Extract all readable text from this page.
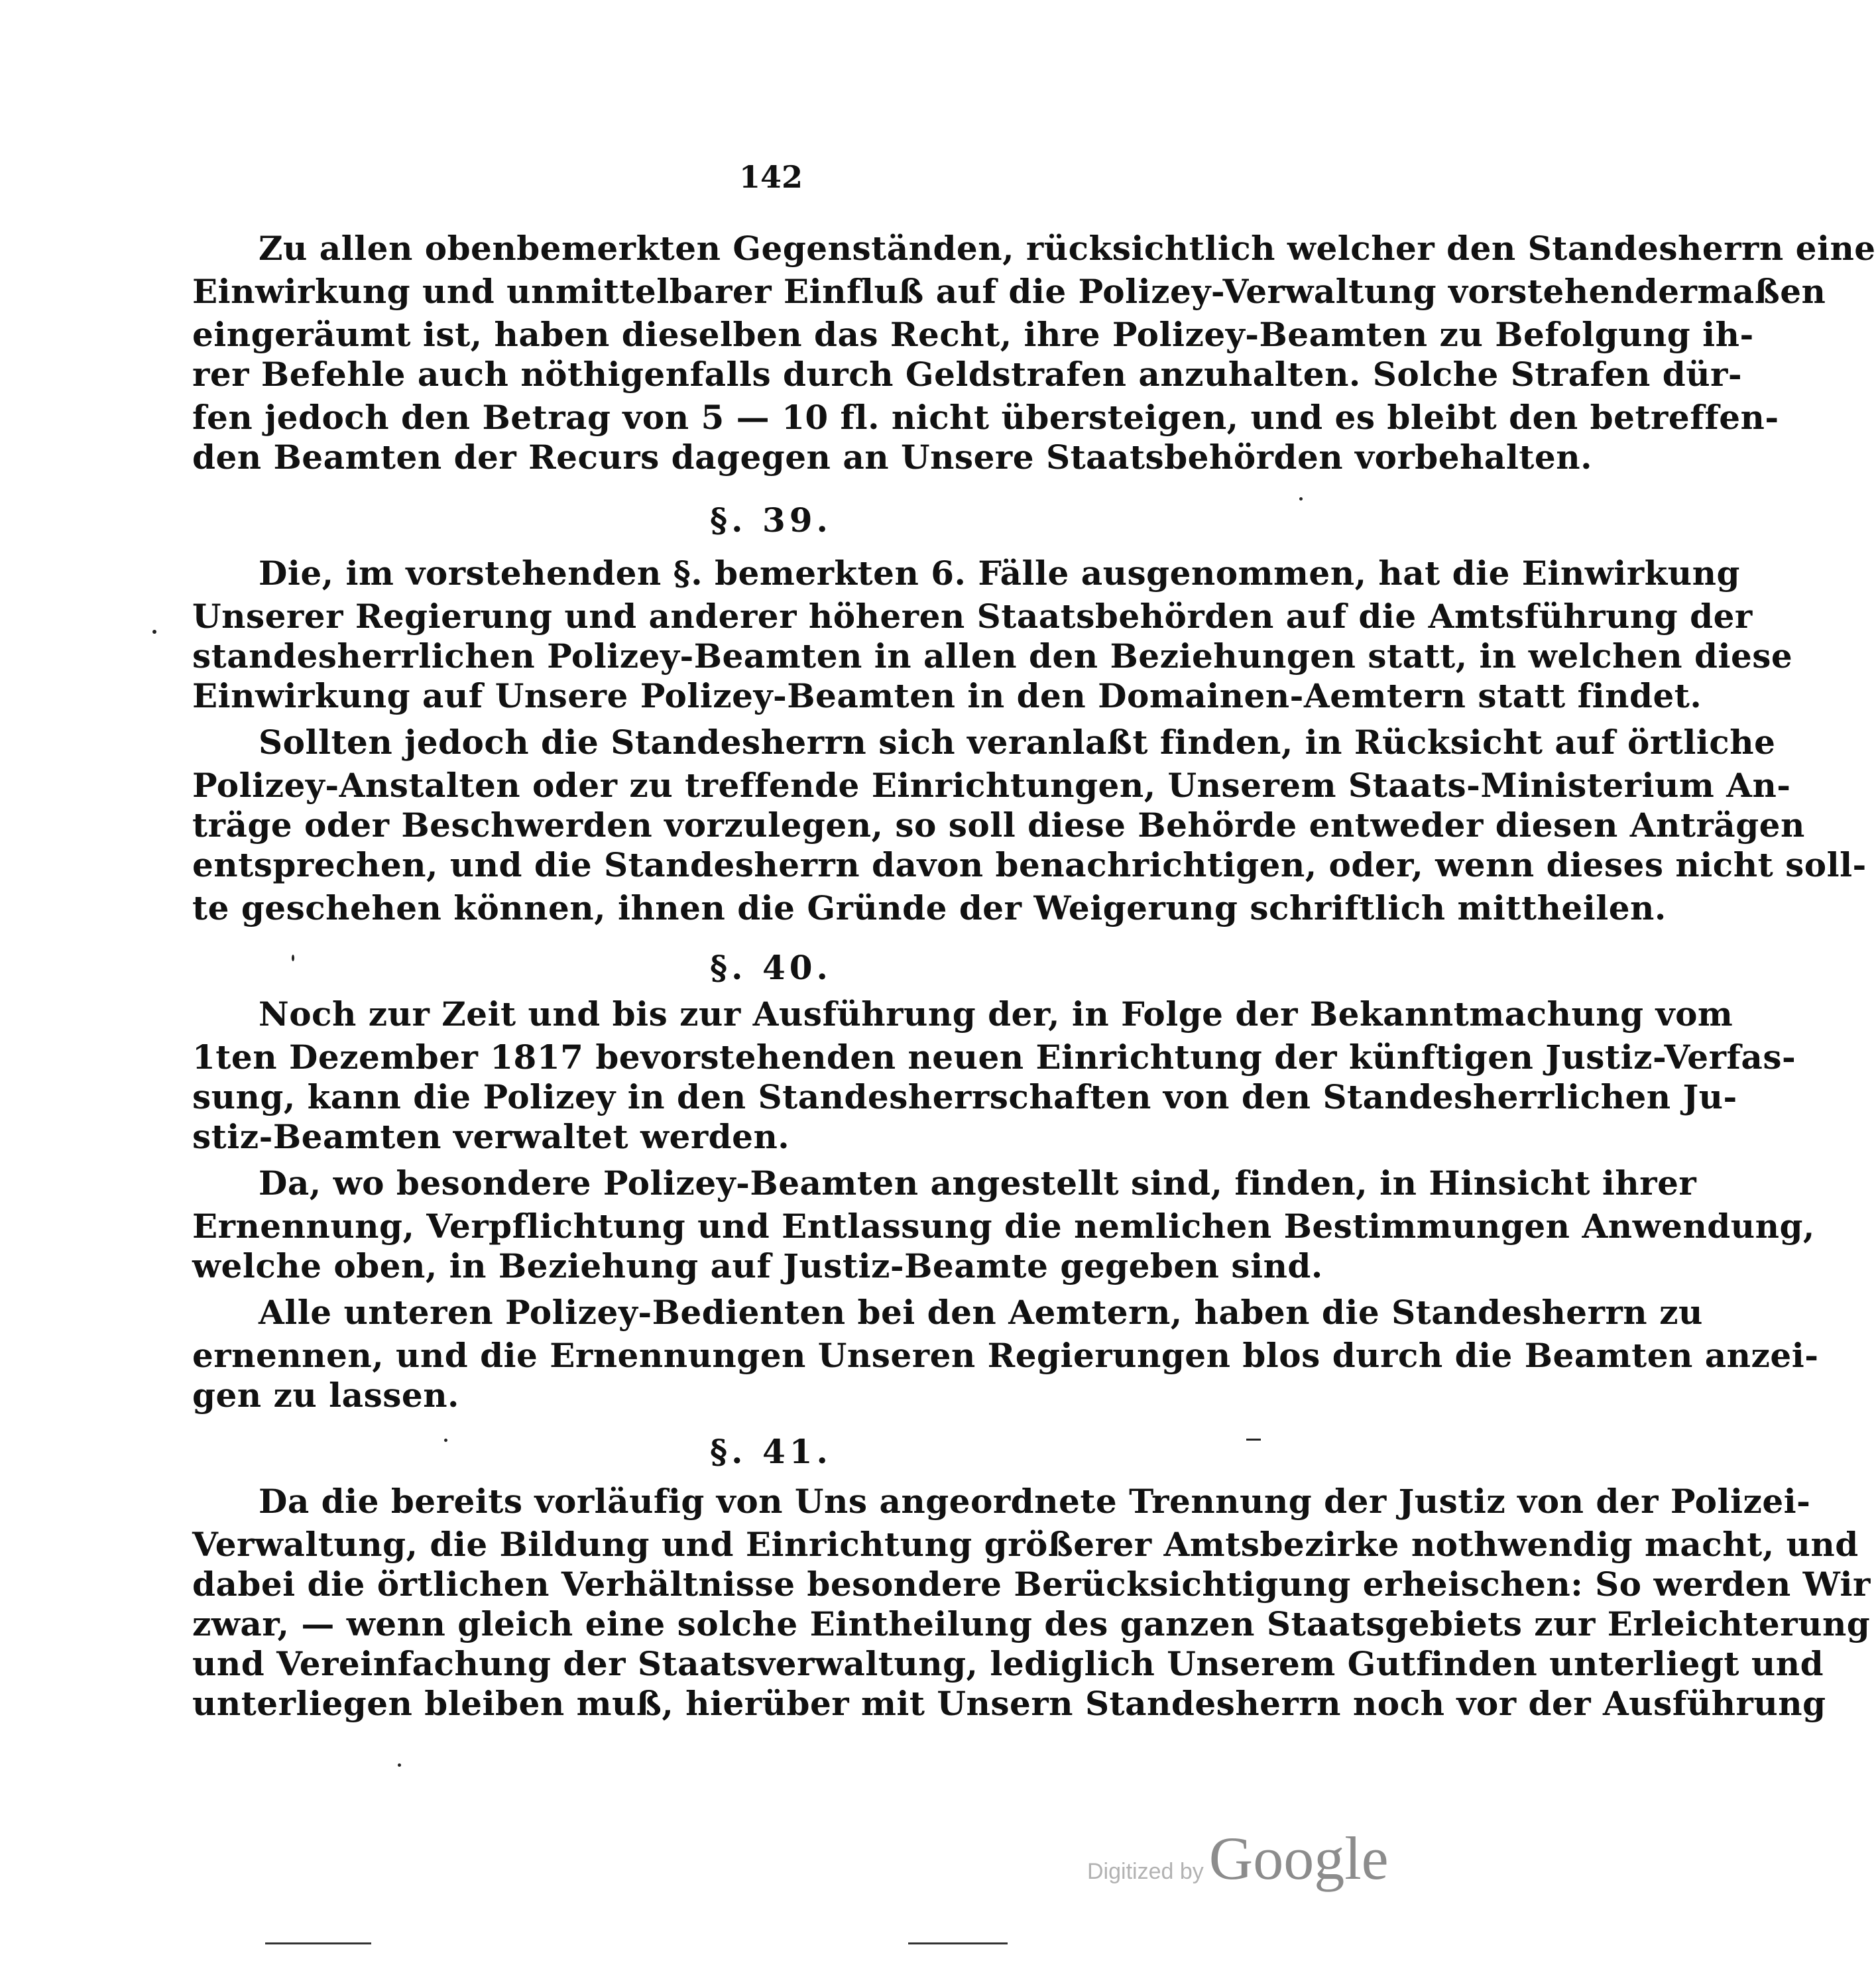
142
Zu allen obenbemerkten Gegenständen, rücksichtlich welcher den Standesherrn eine
Einwirkung und unmittelbarer Einfluß auf die Polizey-Verwaltung vorstehendermaßen
eingeräumt ist, haben dieselben das Recht, ihre Polizey-Beamten zu Befolgung ih-
rer Befehle auch nöthigenfalls durch Geldstrafen anzuhalten. Solche Strafen dür-
fen jedoch den Betrag von 5 — 10 fl. nicht übersteigen, und es bleibt den betreffen-
den Beamten der Recurs dagegen an Unsere Staatsbehörden vorbehalten.
§. 39.
Die, im vorstehenden §. bemerkten 6. Fälle ausgenommen, hat die Einwirkung
Unserer Regierung und anderer höheren Staatsbehörden auf die Amtsführung der
standesherrlichen Polizey-Beamten in allen den Beziehungen statt, in welchen diese
Einwirkung auf Unsere Polizey-Beamten in den Domainen-Aemtern statt findet.
Sollten jedoch die Standesherrn sich veranlaßt finden, in Rücksicht auf örtliche
Polizey-Anstalten oder zu treffende Einrichtungen, Unserem Staats-Ministerium An-
träge oder Beschwerden vorzulegen, so soll diese Behörde entweder diesen Anträgen
entsprechen, und die Standesherrn davon benachrichtigen, oder, wenn dieses nicht soll-
te geschehen können, ihnen die Gründe der Weigerung schriftlich mittheilen.
§. 40.
Noch zur Zeit und bis zur Ausführung der, in Folge der Bekanntmachung vom
1ten Dezember 1817 bevorstehenden neuen Einrichtung der künftigen Justiz-Verfas-
sung, kann die Polizey in den Standesherrschaften von den Standesherrlichen Ju-
stiz-Beamten verwaltet werden.
Da, wo besondere Polizey-Beamten angestellt sind, finden, in Hinsicht ihrer
Ernennung, Verpflichtung und Entlassung die nemlichen Bestimmungen Anwendung,
welche oben, in Beziehung auf Justiz-Beamte gegeben sind.
Alle unteren Polizey-Bedienten bei den Aemtern, haben die Standesherrn zu
ernennen, und die Ernennungen Unseren Regierungen blos durch die Beamten anzei-
gen zu lassen.
§. 41.
Da die bereits vorläufig von Uns angeordnete Trennung der Justiz von der Polizei-
Verwaltung, die Bildung und Einrichtung größerer Amtsbezirke nothwendig macht, und
dabei die örtlichen Verhältnisse besondere Berücksichtigung erheischen: So werden Wir
zwar, — wenn gleich eine solche Eintheilung des ganzen Staatsgebiets zur Erleichterung
und Vereinfachung der Staatsverwaltung, lediglich Unserem Gutfinden unterliegt und
unterliegen bleiben muß, hierüber mit Unsern Standesherrn noch vor der Ausführung
Digitized by Google
